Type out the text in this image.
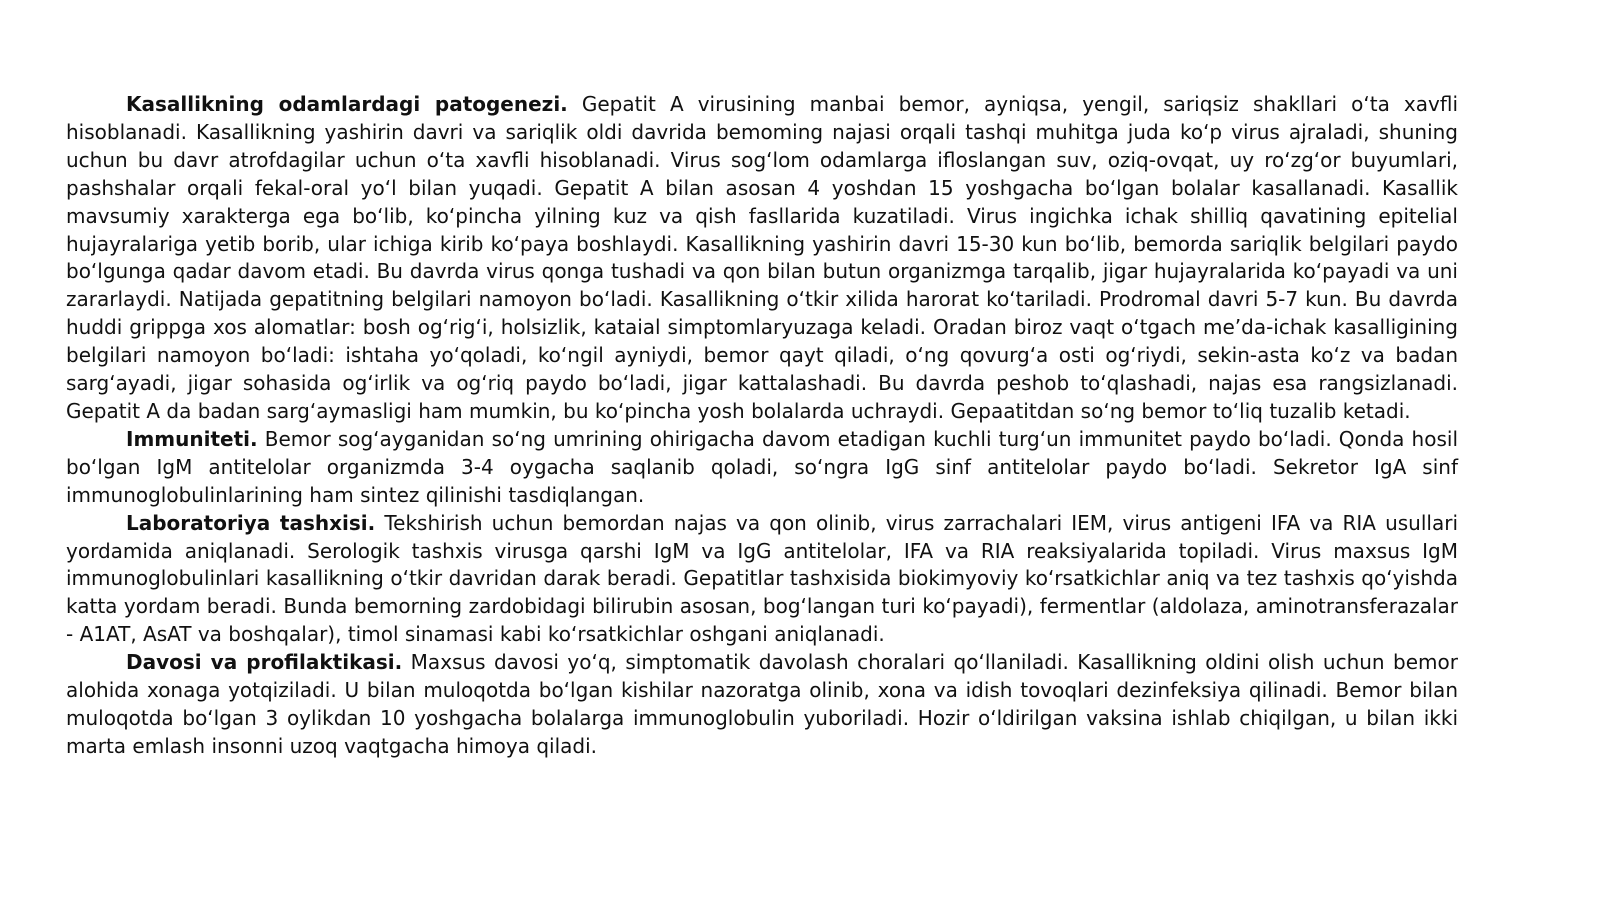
Kasallikning odamlardagi patogenezi. Gepatit A virusining manbai bemor, ayniqsa, yengil, sariqsiz shakllari o‘ta xavfli hisoblanadi. Kasallikning yashirin davri va sariqlik oldi davrida bemoming najasi orqali tashqi muhitga juda ko‘p virus ajraladi, shuning uchun bu davr atrofdagilar uchun o‘ta xavfli hisoblanadi. Virus sog‘lom odamlarga ifloslangan suv, oziq-ovqat, uy ro‘zg‘or buyumlari, pashshalar orqali fekal-oral yo‘l bilan yuqadi. Gepatit A bilan asosan 4 yoshdan 15 yoshgacha bo‘lgan bolalar kasallanadi. Kasallik mavsumiy xarakterga ega bo‘lib, ko‘pincha yilning kuz va qish fasllarida kuzatiladi. Virus ingichka ichak shilliq qavatining epitelial hujayralariga yetib borib, ular ichiga kirib ko‘paya boshlaydi. Kasallikning yashirin davri 15-30 kun bo‘lib, bemorda sariqlik belgilari paydo bo‘lgunga qadar davom etadi. Bu davrda virus qonga tushadi va qon bilan butun organizmga tarqalib, jigar hujayralarida ko‘payadi va uni zararlaydi. Natijada gepatitning belgilari namoyon bo‘ladi. Kasallikning o‘tkir xilida harorat ko‘tariladi. Prodromal davri 5-7 kun. Bu davrda huddi grippga xos alomatlar: bosh og‘rig‘i, holsizlik, kataial simptomlaryuzaga keladi. Oradan biroz vaqt o‘tgach me’da-ichak kasalligining belgilari namoyon bo‘ladi: ishtaha yo‘qoladi, ko‘ngil ayniydi, bemor qayt qiladi, o‘ng qovurg‘a osti og‘riydi, sekin-asta ko‘z va badan sarg‘ayadi, jigar sohasida og‘irlik va og‘riq paydo bo‘ladi, jigar kattalashadi. Bu davrda peshob to‘qlashadi, najas esa rangsizlanadi. Gepatit A da badan sarg‘aymasligi ham mumkin, bu ko‘pincha yosh bolalarda uchraydi. Gepaatitdan so‘ng bemor to‘liq tuzalib ketadi.

Immuniteti. Bemor sog‘ayganidan so‘ng umrining ohirigacha davom etadigan kuchli turg‘un immunitet paydo bo‘ladi. Qonda hosil bo‘lgan IgM antitelolar organizmda 3-4 oygacha saqlanib qoladi, so‘ngra IgG sinf antitelolar paydo bo‘ladi. Sekretor IgA sinf immunoglobulinlarining ham sintez qilinishi tasdiqlangan.

Laboratoriya tashxisi. Tekshirish uchun bemordan najas va qon olinib, virus zarrachalari IEM, virus antigeni IFA va RIA usullari yordamida aniqlanadi. Serologik tashxis virusga qarshi IgM va IgG antitelolar, IFA va RIA reaksiyalarida topiladi. Virus maxsus IgM immunoglobulinlari kasallikning o‘tkir davridan darak beradi. Gepatitlar tashxisida biokimyoviy ko‘rsatkichlar aniq va tez tashxis qo‘yishda katta yordam beradi. Bunda bemorning zardobidagi bilirubin asosan, bog‘langan turi ko‘payadi), fermentlar (aldolaza, aminotransferazalar - A1AT, AsAT va boshqalar), timol sinamasi kabi ko‘rsatkichlar oshgani aniqlanadi.

Davosi va profilaktikasi. Maxsus davosi yo‘q, simptomatik davolash choralari qo‘llaniladi. Kasallikning oldini olish uchun bemor alohida xonaga yotqiziladi. U bilan muloqotda bo‘lgan kishilar nazoratga olinib, xona va idish tovoqlari dezinfeksiya qilinadi. Bemor bilan muloqotda bo‘lgan 3 oylikdan 10 yoshgacha bolalarga immunoglobulin yuboriladi. Hozir o‘ldirilgan vaksina ishlab chiqilgan, u bilan ikki marta emlash insonni uzoq vaqtgacha himoya qiladi.
